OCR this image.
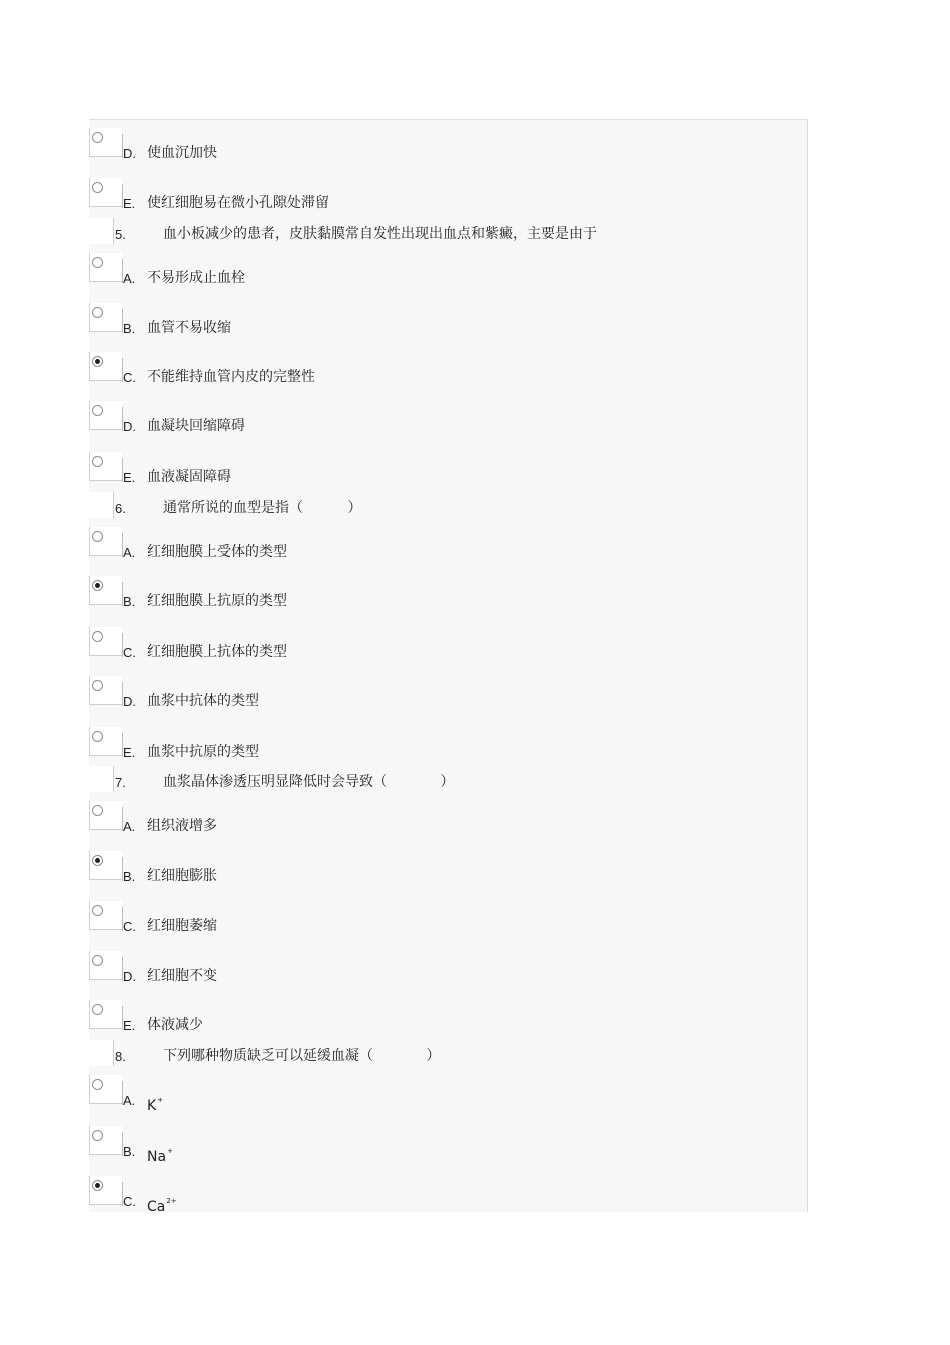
D. 使血沉加快
E. 使红细胞易在微小孔隙处滞留
5.	血小板减少的患者，皮肤黏膜常自发性出现出血点和紫癜，主要是由于
A. 不易形成止血栓
B. 血管不易收缩
C. 不能维持血管内皮的完整性
D. 血凝块回缩障碍
E. 血液凝固障碍
6.	通常所说的血型是指（          ）
A. 红细胞膜上受体的类型
B. 红细胞膜上抗原的类型
C. 红细胞膜上抗体的类型
D. 血浆中抗体的类型
E. 血浆中抗原的类型
7.	血浆晶体渗透压明显降低时会导致（            ）
A. 组织液增多
B. 红细胞膨胀
C. 红细胞萎缩
D. 红细胞不变
E. 体液减少
8.	下列哪种物质缺乏可以延缓血凝（            ）
A. K+
B. Na+
C. $Ca^{2+}$
